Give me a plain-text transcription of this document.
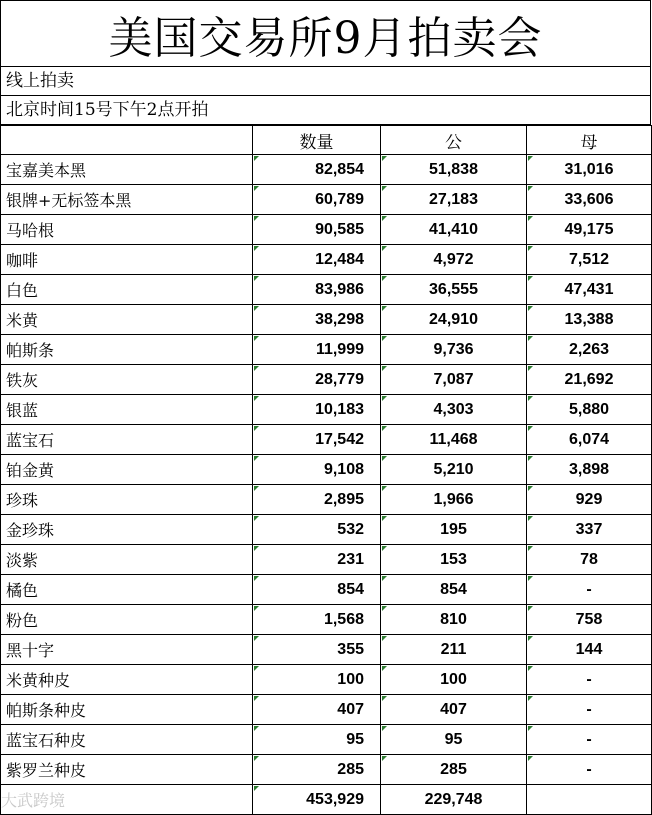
美国交易所9月拍卖会
线上拍卖
北京时间15号下午2点开拍
	数量	公	母
宝嘉美本黑	82,854	51,838	31,016
银牌+无标签本黑	60,789	27,183	33,606
马哈根	90,585	41,410	49,175
咖啡	12,484	4,972	7,512
白色	83,986	36,555	47,431
米黄	38,298	24,910	13,388
帕斯条	11,999	9,736	2,263
铁灰	28,779	7,087	21,692
银蓝	10,183	4,303	5,880
蓝宝石	17,542	11,468	6,074
铂金黄	9,108	5,210	3,898
珍珠	2,895	1,966	929
金珍珠	532	195	337
淡紫	231	153	78
橘色	854	854	-
粉色	1,568	810	758
黑十字	355	211	144
米黄种皮	100	100	-
帕斯条种皮	407	407	-
蓝宝石种皮	95	95	-
紫罗兰种皮	285	285	-
大武跨境	453,929	229,748	
